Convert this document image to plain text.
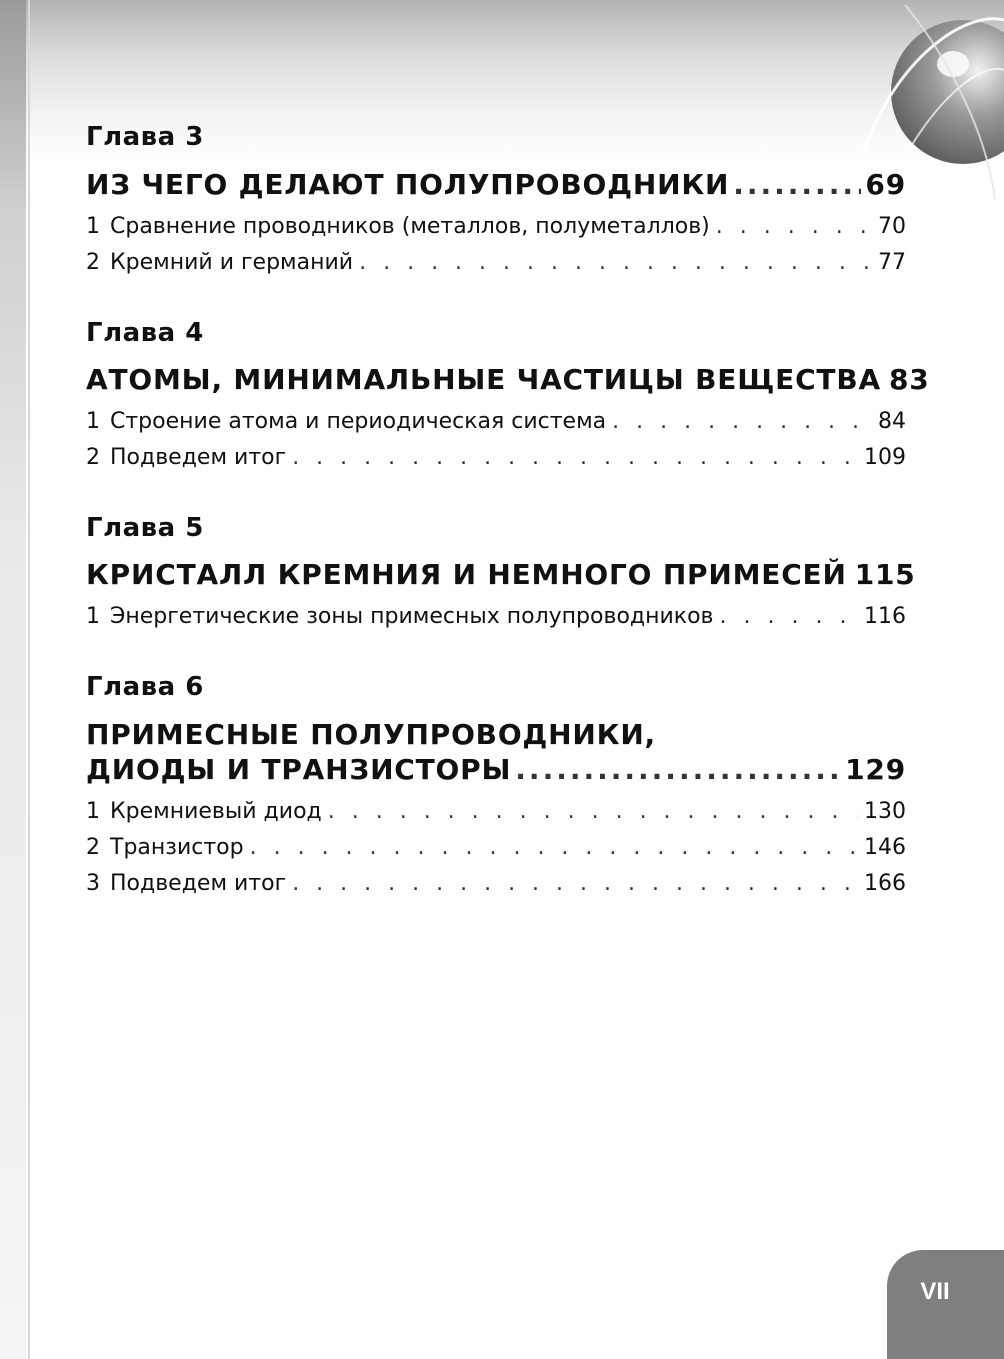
Глава 3
ИЗ ЧЕГО ДЕЛАЮТ ПОЛУПРОВОДНИКИ .....	69
1 Сравнение проводников (металлов, полуметаллов) . . .	70
2 Кремний и германий . . .	77
Глава 4
АТОМЫ, МИНИМАЛЬНЫЕ ЧАСТИЦЫ ВЕЩЕСТВА 83
1 Строение атома и периодическая система . . .	84
2 Подведем итог . . .	109
Глава 5
КРИСТАЛЛ КРЕМНИЯ И НЕМНОГО ПРИМЕСЕЙ 115
1 Энергетические зоны примесных полупроводников . . .	116
Глава 6
ПРИМЕСНЫЕ ПОЛУПРОВОДНИКИ,
ДИОДЫ И ТРАНЗИСТОРЫ .....	129
1 Кремниевый диод . . .	130
2 Транзистор . . .	146
3 Подведем итог . . .	166
VII
